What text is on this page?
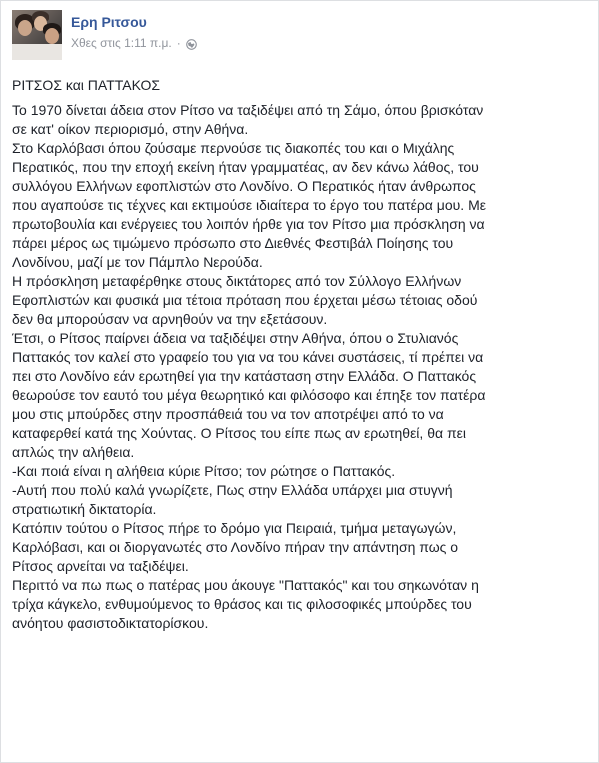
Ερη Ριτσου
Χθες στις 1:11 π.μ. ·

ΡΙΤΣΟΣ και ΠΑΤΤΑΚΟΣ

Το 1970 δίνεται άδεια στον Ρίτσο να ταξιδέψει από τη Σάμο, όπου βρισκόταν
σε κατ' οίκον περιορισμό, στην Αθήνα.
Στο Καρλόβασι όπου ζούσαμε περνούσε τις διακοπές του και ο Μιχάλης
Περατικός, που την εποχή εκείνη ήταν γραμματέας, αν δεν κάνω λάθος, του
συλλόγου Ελλήνων εφοπλιστών στο Λονδίνο. Ο Περατικός ήταν άνθρωπος
που αγαπούσε τις τέχνες και εκτιμούσε ιδιαίτερα το έργο του πατέρα μου. Με
πρωτοβουλία και ενέργειες του λοιπόν ήρθε για τον Ρίτσο μια πρόσκληση να
πάρει μέρος ως τιμώμενο πρόσωπο στο Διεθνές Φεστιβάλ Ποίησης του
Λονδίνου, μαζί με τον Πάμπλο Νερούδα.
Η πρόσκληση μεταφέρθηκε στους δικτάτορες από τον Σύλλογο Ελλήνων
Εφοπλιστών και φυσικά μια τέτοια πρόταση που έρχεται μέσω τέτοιας οδού
δεν θα μπορούσαν να αρνηθούν να την εξετάσουν.
Έτσι, ο Ρίτσος παίρνει άδεια να ταξιδέψει στην Αθήνα, όπου ο Στυλιανός
Παττακός τον καλεί στο γραφείο του για να του κάνει συστάσεις, τί πρέπει να
πει στο Λονδίνο εάν ερωτηθεί για την κατάσταση στην Ελλάδα. Ο Παττακός
θεωρούσε τον εαυτό του μέγα θεωρητικό και φιλόσοφο και έπηξε τον πατέρα
μου στις μπούρδες στην προσπάθειά του να τον αποτρέψει από το να
καταφερθεί κατά της Χούντας. Ο Ρίτσος του είπε πως αν ερωτηθεί, θα πει
απλώς την αλήθεια.
-Και ποιά είναι η αλήθεια κύριε Ρίτσο; τον ρώτησε ο Παττακός.
-Αυτή που πολύ καλά γνωρίζετε, Πως στην Ελλάδα υπάρχει μια στυγνή
στρατιωτική δικτατορία.
Κατόπιν τούτου ο Ρίτσος πήρε το δρόμο για Πειραιά, τμήμα μεταγωγών,
Καρλόβασι, και οι διοργανωτές στο Λονδίνο πήραν την απάντηση πως ο
Ρίτσος αρνείται να ταξιδέψει.
Περιττό να πω πως ο πατέρας μου άκουγε "Παττακός" και του σηκωνόταν η
τρίχα κάγκελο, ενθυμούμενος το θράσος και τις φιλοσοφικές μπούρδες του
ανόητου φασιστοδικτατορίσκου.
